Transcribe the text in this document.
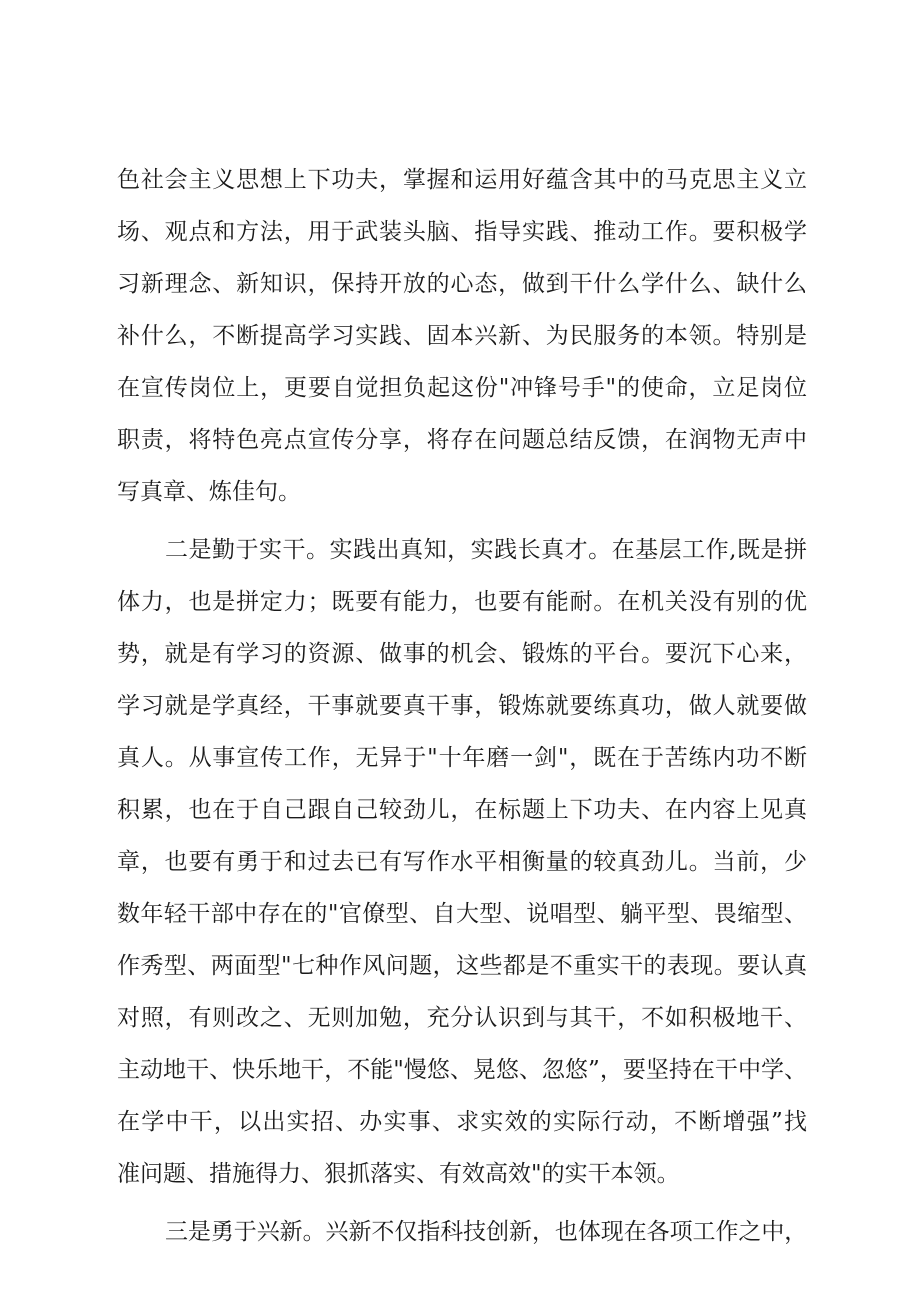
色社会主义思想上下功夫，掌握和运用好蕴含其中的马克思主义立
场、观点和方法，用于武装头脑、指导实践、推动工作。要积极学
习新理念、新知识，保持开放的心态，做到干什么学什么、缺什么
补什么，不断提高学习实践、固本兴新、为民服务的本领。特别是
在宣传岗位上，更要自觉担负起这份"冲锋号手"的使命，立足岗位
职责，将特色亮点宣传分享，将存在问题总结反馈，在润物无声中
写真章、炼佳句。
二是勤于实干。实践出真知，实践长真才。在基层工作,既是拼
体力，也是拼定力；既要有能力，也要有能耐。在机关没有别的优
势，就是有学习的资源、做事的机会、锻炼的平台。要沉下心来，
学习就是学真经，干事就要真干事，锻炼就要练真功，做人就要做
真人。从事宣传工作，无异于"十年磨一剑"，既在于苦练内功不断
积累，也在于自己跟自己较劲儿，在标题上下功夫、在内容上见真
章，也要有勇于和过去已有写作水平相衡量的较真劲儿。当前，少
数年轻干部中存在的"官僚型、自大型、说唱型、躺平型、畏缩型、
作秀型、两面型"七种作风问题，这些都是不重实干的表现。要认真
对照，有则改之、无则加勉，充分认识到与其干，不如积极地干、
主动地干、快乐地干，不能"慢悠、晃悠、忽悠”，要坚持在干中学、
在学中干，以出实招、办实事、求实效的实际行动，不断增强”找
准问题、措施得力、狠抓落实、有效高效"的实干本领。
三是勇于兴新。兴新不仅指科技创新，也体现在各项工作之中，
